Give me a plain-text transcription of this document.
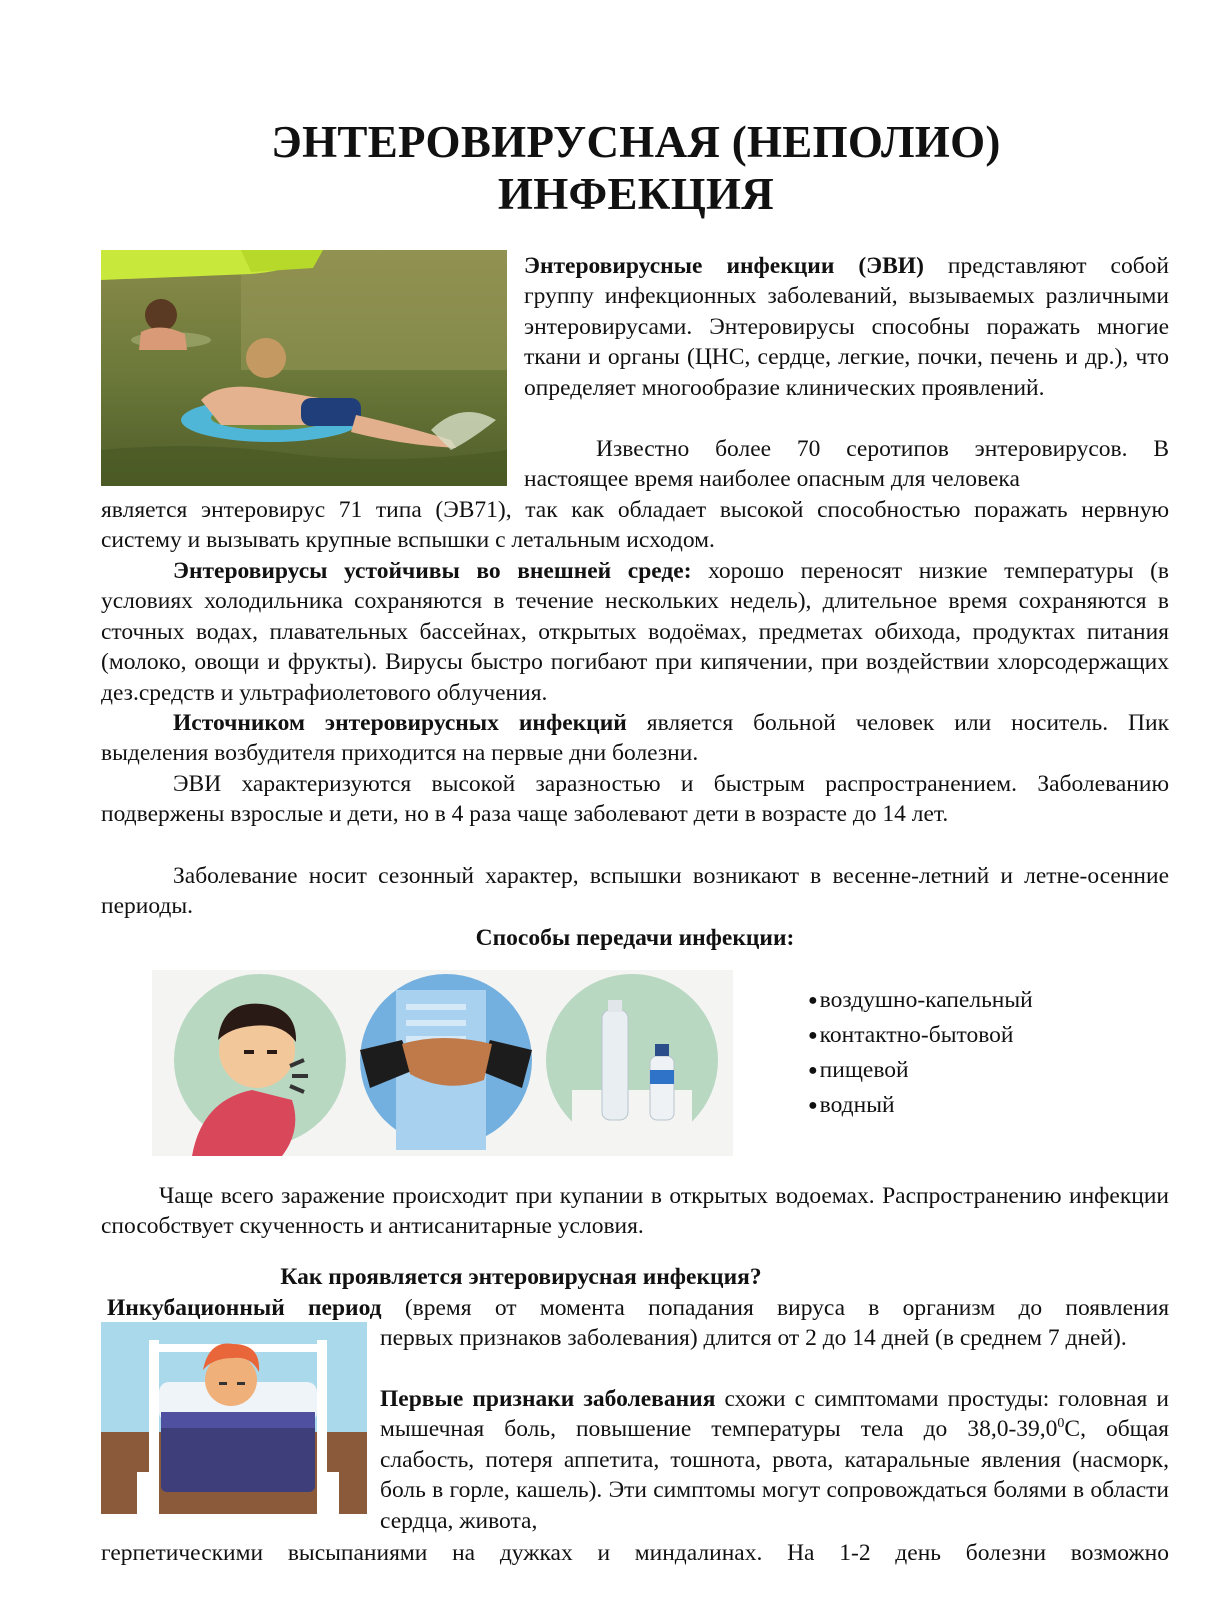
ЭНТЕРОВИРУСНАЯ (НЕПОЛИО)
ИНФЕКЦИЯ
Энтеровирусные инфекции (ЭВИ) представляют собой группу инфекционных заболеваний, вызываемых различными энтеровирусами. Энтеровирусы способны поражать многие ткани и органы (ЦНС, сердце, легкие, почки, печень и др.), что определяет многообразие клинических проявлений.
Известно более 70 серотипов энтеровирусов. В настоящее время наиболее опасным для человека
является энтеровирус 71 типа (ЭВ71), так как обладает высокой способностью поражать нервную систему и вызывать крупные вспышки с летальным исходом.
Энтеровирусы устойчивы во внешней среде: хорошо переносят низкие температуры (в условиях холодильника сохраняются в течение нескольких недель), длительное время сохраняются в сточных водах, плавательных бассейнах, открытых водоёмах, предметах обихода, продуктах питания (молоко, овощи и фрукты). Вирусы быстро погибают при кипячении, при воздействии хлорсодержащих дез.средств и ультрафиолетового облучения.
Источником энтеровирусных инфекций является больной человек или носитель. Пик выделения возбудителя приходится на первые дни болезни.
ЭВИ характеризуются высокой заразностью и быстрым распространением. Заболеванию подвержены взрослые и дети, но в 4 раза чаще заболевают дети в возрасте до 14 лет.
Заболевание носит сезонный характер, вспышки возникают в весенне-летний и летне-осенние периоды.
Способы передачи инфекции:
● воздушно-капельный
● контактно-бытовой
● пищевой
● водный
Чаще всего заражение происходит при купании в открытых водоемах. Распространению инфекции способствует скученность и антисанитарные условия.
Как проявляется энтеровирусная инфекция?
Инкубационный период (время от момента попадания вируса в организм до появления
первых признаков заболевания) длится от 2 до 14 дней (в среднем 7 дней).
Первые признаки заболевания схожи с симптомами простуды: головная и мышечная боль, повышение температуры тела до 38,0-39,0$^0$С, общая слабость, потеря аппетита, тошнота, рвота, катаральные явления (насморк, боль в горле, кашель). Эти симптомы могут сопровождаться болями в области сердца, живота,
герпетическими высыпаниями на дужках и миндалинах. На 1-2 день болезни возможно
